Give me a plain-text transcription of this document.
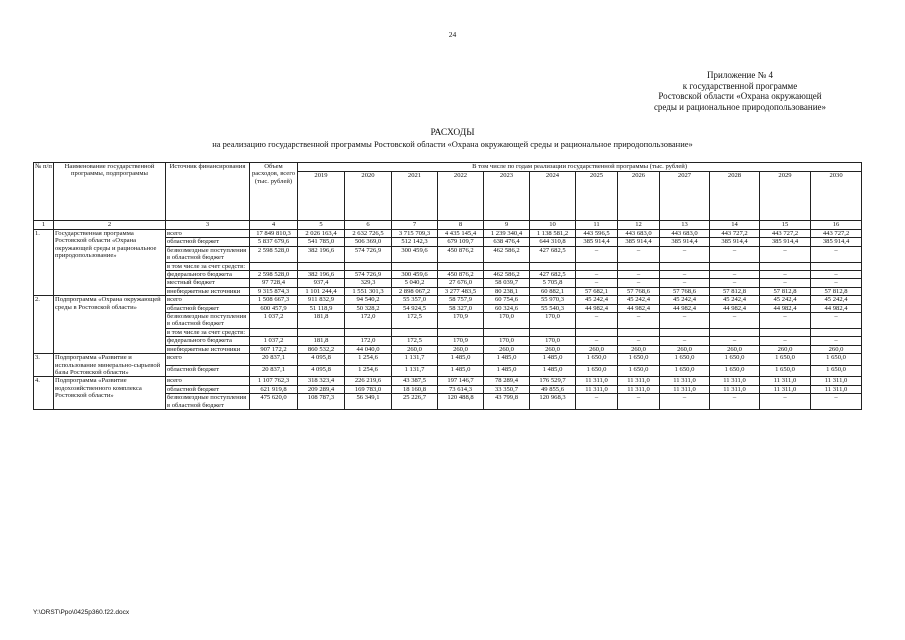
24
Приложение № 4
к государственной программе
Ростовской области «Охрана окружающей
среды и рациональное природопользование»
РАСХОДЫ
на реализацию государственной программы Ростовской области «Охрана окружающей среды и рациональное природопользование»
№ п/п	Наименование государственной программы, подпрограммы	Источник финансирования	Объем расходов, всего (тыс. рублей)	В том числе по годам реализации государственной программы (тыс. рублей)											
				2019	2020	2021	2022	2023	2024	2025	2026	2027	2028	2029	2030
1	2	3	4	5	6	7	8	9	10	11	12	13	14	15	16
1.	Государственная программа Ростовской области «Охрана окружающей среды и рациональное природопользование»	всего	17 849 810,3	2 026 163,4	2 632 726,5	3 715 709,3	4 435 145,4	1 239 340,4	1 138 581,2	443 596,5	443 683,0	443 683,0	443 727,2	443 727,2	443 727,2
		областной бюджет	5 837 679,6	541 785,0	506 369,0	512 142,3	679 109,7	638 476,4	644 310,8	385 914,4	385 914,4	385 914,4	385 914,4	385 914,4	385 914,4
		безвозмездные поступления в областной бюджет	2 598 528,0	382 196,6	574 726,9	300 459,6	450 876,2	462 586,2	427 682,5	–	–	–	–	–	–
		в том числе за счет средств:													
		федерального бюджета	2 598 528,0	382 196,6	574 726,9	300 459,6	450 876,2	462 586,2	427 682,5	–	–	–	–	–	–
		местный бюджет	97 728,4	937,4	329,3	5 040,2	27 676,0	58 039,7	5 705,8	–	–	–	–	–	–
		внебюджетные источники	9 315 874,3	1 101 244,4	1 551 301,3	2 898 067,2	3 277 483,5	80 238,1	60 882,1	57 682,1	57 768,6	57 768,6	57 812,8	57 812,8	57 812,8
2.	Подпрограмма «Охрана окружающей среды в Ростовской области»	всего	1 508 667,3	911 832,9	94 540,2	55 357,0	58 757,9	60 754,6	55 970,3	45 242,4	45 242,4	45 242,4	45 242,4	45 242,4	45 242,4
		областной бюджет	600 457,9	51 118,9	50 328,2	54 924,5	58 327,0	60 324,6	55 540,3	44 982,4	44 982,4	44 982,4	44 982,4	44 982,4	44 982,4
		безвозмездные поступления в областной бюджет	1 037,2	181,8	172,0	172,5	170,9	170,0	170,0	–	–	–	–	–	–
		в том числе за счет средств:													
		федерального бюджета	1 037,2	181,8	172,0	172,5	170,9	170,0	170,0	–	–	–	–	–	–
		внебюджетные источники	907 172,2	860 532,2	44 040,0	260,0	260,0	260,0	260,0	260,0	260,0	260,0	260,0	260,0	260,0
3.	Подпрограмма «Развитие и использование минерально-сырьевой базы Ростовской области»	всего	20 837,1	4 095,8	1 254,6	1 131,7	1 485,0	1 485,0	1 485,0	1 650,0	1 650,0	1 650,0	1 650,0	1 650,0	1 650,0
		областной бюджет	20 837,1	4 095,8	1 254,6	1 131,7	1 485,0	1 485,0	1 485,0	1 650,0	1 650,0	1 650,0	1 650,0	1 650,0	1 650,0
4.	Подпрограмма «Развитие водохозяйственного комплекса Ростовской области»	всего	1 107 762,3	318 323,4	226 219,6	43 387,5	197 146,7	78 289,4	176 529,7	11 311,0	11 311,0	11 311,0	11 311,0	11 311,0	11 311,0
		областной бюджет	621 919,8	209 289,4	169 783,0	18 160,8	73 614,3	33 350,7	49 855,6	11 311,0	11 311,0	11 311,0	11 311,0	11 311,0	11 311,0
		безвозмездные поступления в областной бюджет	475 620,0	108 787,3	56 349,1	25 226,7	120 488,8	43 799,8	120 968,3	–	–	–	–	–	–
Y:\ORST\Ppo\0425p360.f22.docx
